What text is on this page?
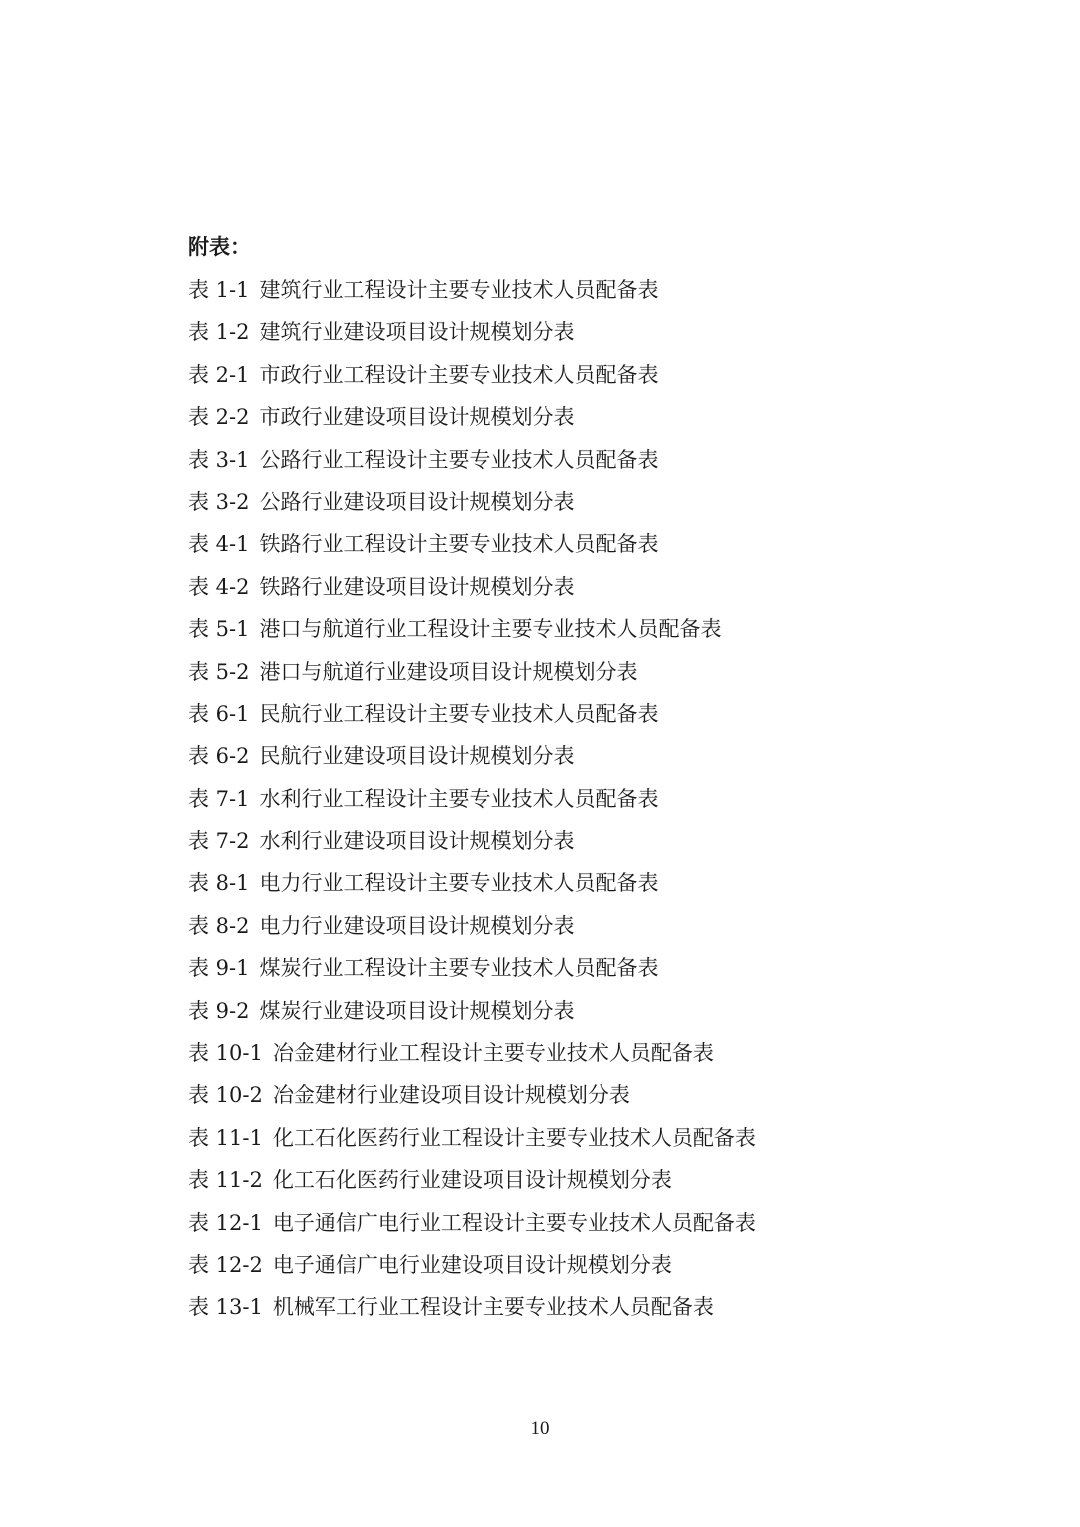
附表：
表 1-1 建筑行业工程设计主要专业技术人员配备表
表 1-2 建筑行业建设项目设计规模划分表
表 2-1 市政行业工程设计主要专业技术人员配备表
表 2-2 市政行业建设项目设计规模划分表
表 3-1 公路行业工程设计主要专业技术人员配备表
表 3-2 公路行业建设项目设计规模划分表
表 4-1 铁路行业工程设计主要专业技术人员配备表
表 4-2 铁路行业建设项目设计规模划分表
表 5-1 港口与航道行业工程设计主要专业技术人员配备表
表 5-2 港口与航道行业建设项目设计规模划分表
表 6-1 民航行业工程设计主要专业技术人员配备表
表 6-2 民航行业建设项目设计规模划分表
表 7-1 水利行业工程设计主要专业技术人员配备表
表 7-2 水利行业建设项目设计规模划分表
表 8-1 电力行业工程设计主要专业技术人员配备表
表 8-2 电力行业建设项目设计规模划分表
表 9-1 煤炭行业工程设计主要专业技术人员配备表
表 9-2 煤炭行业建设项目设计规模划分表
表 10-1 冶金建材行业工程设计主要专业技术人员配备表
表 10-2 冶金建材行业建设项目设计规模划分表
表 11-1 化工石化医药行业工程设计主要专业技术人员配备表
表 11-2 化工石化医药行业建设项目设计规模划分表
表 12-1 电子通信广电行业工程设计主要专业技术人员配备表
表 12-2 电子通信广电行业建设项目设计规模划分表
表 13-1 机械军工行业工程设计主要专业技术人员配备表
10
